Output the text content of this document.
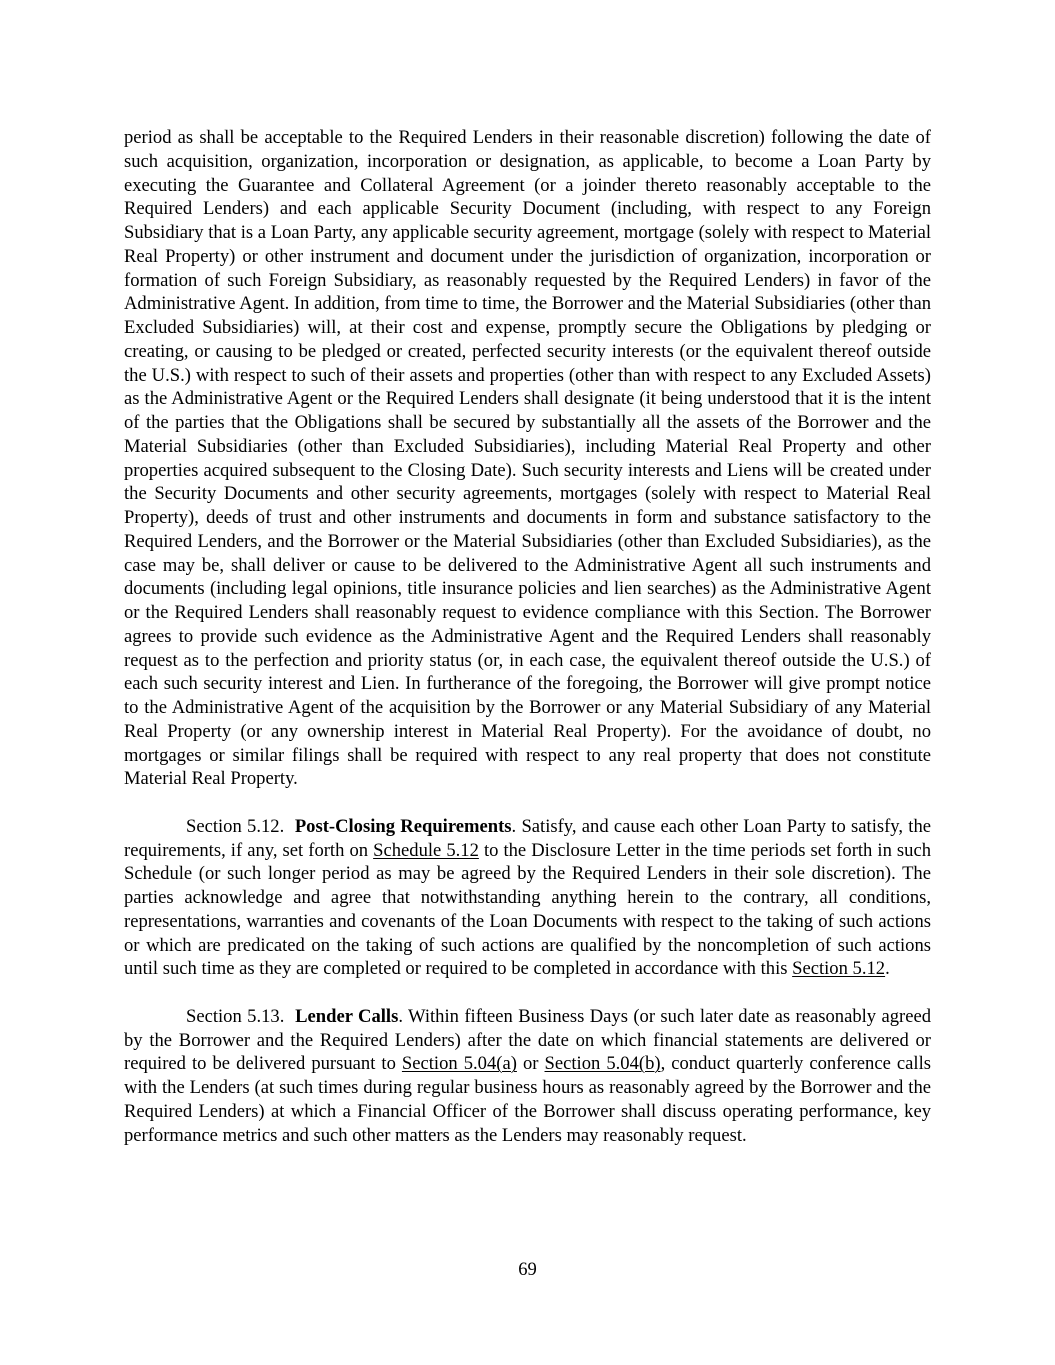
period as shall be acceptable to the Required Lenders in their reasonable discretion) following the date of such acquisition, organization, incorporation or designation, as applicable, to become a Loan Party by executing the Guarantee and Collateral Agreement (or a joinder thereto reasonably acceptable to the Required Lenders) and each applicable Security Document (including, with respect to any Foreign Subsidiary that is a Loan Party, any applicable security agreement, mortgage (solely with respect to Material Real Property) or other instrument and document under the jurisdiction of organization, incorporation or formation of such Foreign Subsidiary, as reasonably requested by the Required Lenders) in favor of the Administrative Agent. In addition, from time to time, the Borrower and the Material Subsidiaries (other than Excluded Subsidiaries) will, at their cost and expense, promptly secure the Obligations by pledging or creating, or causing to be pledged or created, perfected security interests (or the equivalent thereof outside the U.S.) with respect to such of their assets and properties (other than with respect to any Excluded Assets) as the Administrative Agent or the Required Lenders shall designate (it being understood that it is the intent of the parties that the Obligations shall be secured by substantially all the assets of the Borrower and the Material Subsidiaries (other than Excluded Subsidiaries), including Material Real Property and other properties acquired subsequent to the Closing Date). Such security interests and Liens will be created under the Security Documents and other security agreements, mortgages (solely with respect to Material Real Property), deeds of trust and other instruments and documents in form and substance satisfactory to the Required Lenders, and the Borrower or the Material Subsidiaries (other than Excluded Subsidiaries), as the case may be, shall deliver or cause to be delivered to the Administrative Agent all such instruments and documents (including legal opinions, title insurance policies and lien searches) as the Administrative Agent or the Required Lenders shall reasonably request to evidence compliance with this Section. The Borrower agrees to provide such evidence as the Administrative Agent and the Required Lenders shall reasonably request as to the perfection and priority status (or, in each case, the equivalent thereof outside the U.S.) of each such security interest and Lien. In furtherance of the foregoing, the Borrower will give prompt notice to the Administrative Agent of the acquisition by the Borrower or any Material Subsidiary of any Material Real Property (or any ownership interest in Material Real Property). For the avoidance of doubt, no mortgages or similar filings shall be required with respect to any real property that does not constitute Material Real Property.

Section 5.12. Post-Closing Requirements. Satisfy, and cause each other Loan Party to satisfy, the requirements, if any, set forth on Schedule 5.12 to the Disclosure Letter in the time periods set forth in such Schedule (or such longer period as may be agreed by the Required Lenders in their sole discretion). The parties acknowledge and agree that notwithstanding anything herein to the contrary, all conditions, representations, warranties and covenants of the Loan Documents with respect to the taking of such actions or which are predicated on the taking of such actions are qualified by the noncompletion of such actions until such time as they are completed or required to be completed in accordance with this Section 5.12.

Section 5.13. Lender Calls. Within fifteen Business Days (or such later date as reasonably agreed by the Borrower and the Required Lenders) after the date on which financial statements are delivered or required to be delivered pursuant to Section 5.04(a) or Section 5.04(b), conduct quarterly conference calls with the Lenders (at such times during regular business hours as reasonably agreed by the Borrower and the Required Lenders) at which a Financial Officer of the Borrower shall discuss operating performance, key performance metrics and such other matters as the Lenders may reasonably request.

69
